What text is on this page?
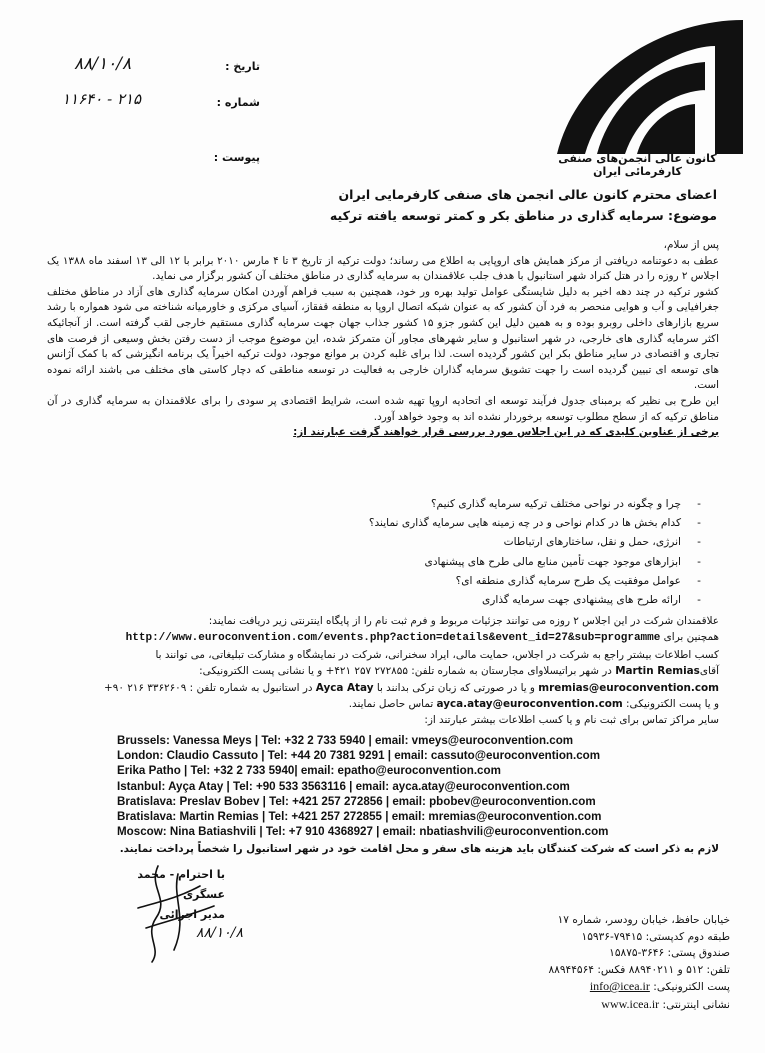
تاریخ :
۸۸/۱۰/۸
شماره :
۲۱۵ - ۱۱۶۴۰
پیوست :	کانون عالی انجمن‌های صنفی کارفرمائی ایران
اعضای محترم کانون عالی انجمن های صنفی کارفرمایی ایران
موضوع: سرمایه گذاری در مناطق بکر و کمتر توسعه یافته ترکیه

پس از سلام،

عطف به دعوتنامه دریافتی از مرکز همایش های اروپایی به اطلاع می رساند؛ دولت ترکیه از تاریخ ۳ تا ۴ مارس ۲۰۱۰ برابر با ۱۲ الی ۱۳ اسفند ماه ۱۳۸۸ یک اجلاس ۲ روزه را در هتل کنراد شهر استانبول با هدف جلب علاقمندان به سرمایه گذاری در مناطق مختلف آن کشور برگزار می نماید.

کشور ترکیه در چند دهه اخیر به دلیل شایستگی عوامل تولید بهره ور خود، همچنین به سبب فراهم آوردن امکان سرمایه گذاری های آزاد در مناطق مختلف جغرافیایی و آب و هوایی منحصر به فرد آن کشور که به عنوان شبکه اتصال اروپا به منطقه قفقاز، آسیای مرکزی و خاورمیانه شناخته می شود همواره با رشد سریع بازارهای داخلی روبرو بوده و به همین دلیل این کشور جزو ۱۵ کشور جذاب جهان جهت سرمایه گذاری مستقیم خارجی لقب گرفته است. از آنجائیکه اکثر سرمایه گذاری های خارجی، در شهر استانبول و سایر شهرهای مجاور آن متمرکز شده، این موضوع موجب از دست رفتن بخش وسیعی از فرصت های تجاری و اقتصادی در سایر مناطق بکر این کشور گردیده است. لذا برای غلبه کردن بر موانع موجود، دولت ترکیه اخیراً یک برنامه انگیزشی که با کمک آژانس های توسعه ای تبیین گردیده است را جهت تشویق سرمایه گذاران خارجی به فعالیت در توسعه مناطقی که دچار کاستی های مختلف می باشند ارائه نموده است.

این طرح بی نظیر که برمبنای جدول فرآیند توسعه ای اتحادیه اروپا تهیه شده است، شرایط اقتصادی پر سودی را برای علاقمندان به سرمایه گذاری در آن مناطق ترکیه که از سطح مطلوب توسعه برخوردار نشده اند به وجود خواهد آورد.

برخی از عناوین کلیدی که در این اجلاس مورد بررسی قرار خواهند گرفت عبارتند از:

- چرا و چگونه در نواحی مختلف ترکیه سرمایه گذاری کنیم؟
- کدام بخش ها در کدام نواحی و در چه زمینه هایی سرمایه گذاری نمایند؟
- انرژی، حمل و نقل، ساختارهای ارتباطات
- ابزارهای موجود جهت تأمین منابع مالی طرح های پیشنهادی
- عوامل موفقیت یک طرح سرمایه گذاری منطقه ای؟
- ارائه طرح های پیشنهادی جهت سرمایه گذاری

علاقمندان شرکت در این اجلاس ۲ روزه می توانند جزئیات مربوط و فرم ثبت نام را از پایگاه اینترنتی زیر دریافت نمایند:

همچنین برای http://www.euroconvention.com/events.php?action=details&event_id=27&sub=programme

کسب اطلاعات بیشتر راجع به شرکت در اجلاس، حمایت مالی، ایراد سخنرانی، شرکت در نمایشگاه و مشارکت تبلیغاتی، می توانند با

آقایMartin Remias در شهر براتیسلاوای مجارستان به شماره تلفن: ۲۷۲۸۵۵ ۲۵۷ ۴۲۱+ و یا نشانی پست الکترونیکی:

mremias@euroconvention.com و یا در صورتی که زبان ترکی بدانند با Ayca Atay در استانبول به شماره تلفن : ۳۳۶۲۶۰۹ ۲۱۶ ۹۰+

و یا پست الکترونیکی: ayca.atay@euroconvention.com تماس حاصل نمایند.

سایر مراکز تماس برای ثبت نام و یا کسب اطلاعات بیشتر عبارتند از:

Brussels: Vanessa Meys | Tel: +32 2 733 5940 | email: vmeys@euroconvention.com
London: Claudio Cassuto | Tel: +44 20 7381 9291 | email: cassuto@euroconvention.com
Erika Patho | Tel: +32 2 733 5940| email: epatho@euroconvention.com
Istanbul: Ayça Atay | Tel: +90 533 3563116 | email: ayca.atay@euroconvention.com
Bratislava: Preslav Bobev | Tel: +421 257 272856 | email: pbobev@euroconvention.com
Bratislava: Martin Remias | Tel: +421 257 272855 | email: mremias@euroconvention.com
Moscow: Nina Batiashvili | Tel: +7 910 4368927 | email: nbatiashvili@euroconvention.com
لازم به ذکر است که شرکت کنندگان باید هزینه های سفر و محل اقامت خود در شهر استانبول را شخصاً پرداخت نمایند.
با احترام - محمد عسگری
مدیر اجرائی
۸۸/۱۰/۸
خیابان حافظ، خیابان رودسر، شماره ۱۷
طبقه دوم کدپستی: ۷۹۴۱۵-۱۵۹۳۶
صندوق پستی: ۳۶۴۶-۱۵۸۷۵
تلفن: ۵۱۲ و ۸۸۹۴۰۲۱۱ فکس: ۸۸۹۴۴۵۶۴
پست الکترونیکی: info@icea.ir
نشانی اینترنتی: www.icea.ir
